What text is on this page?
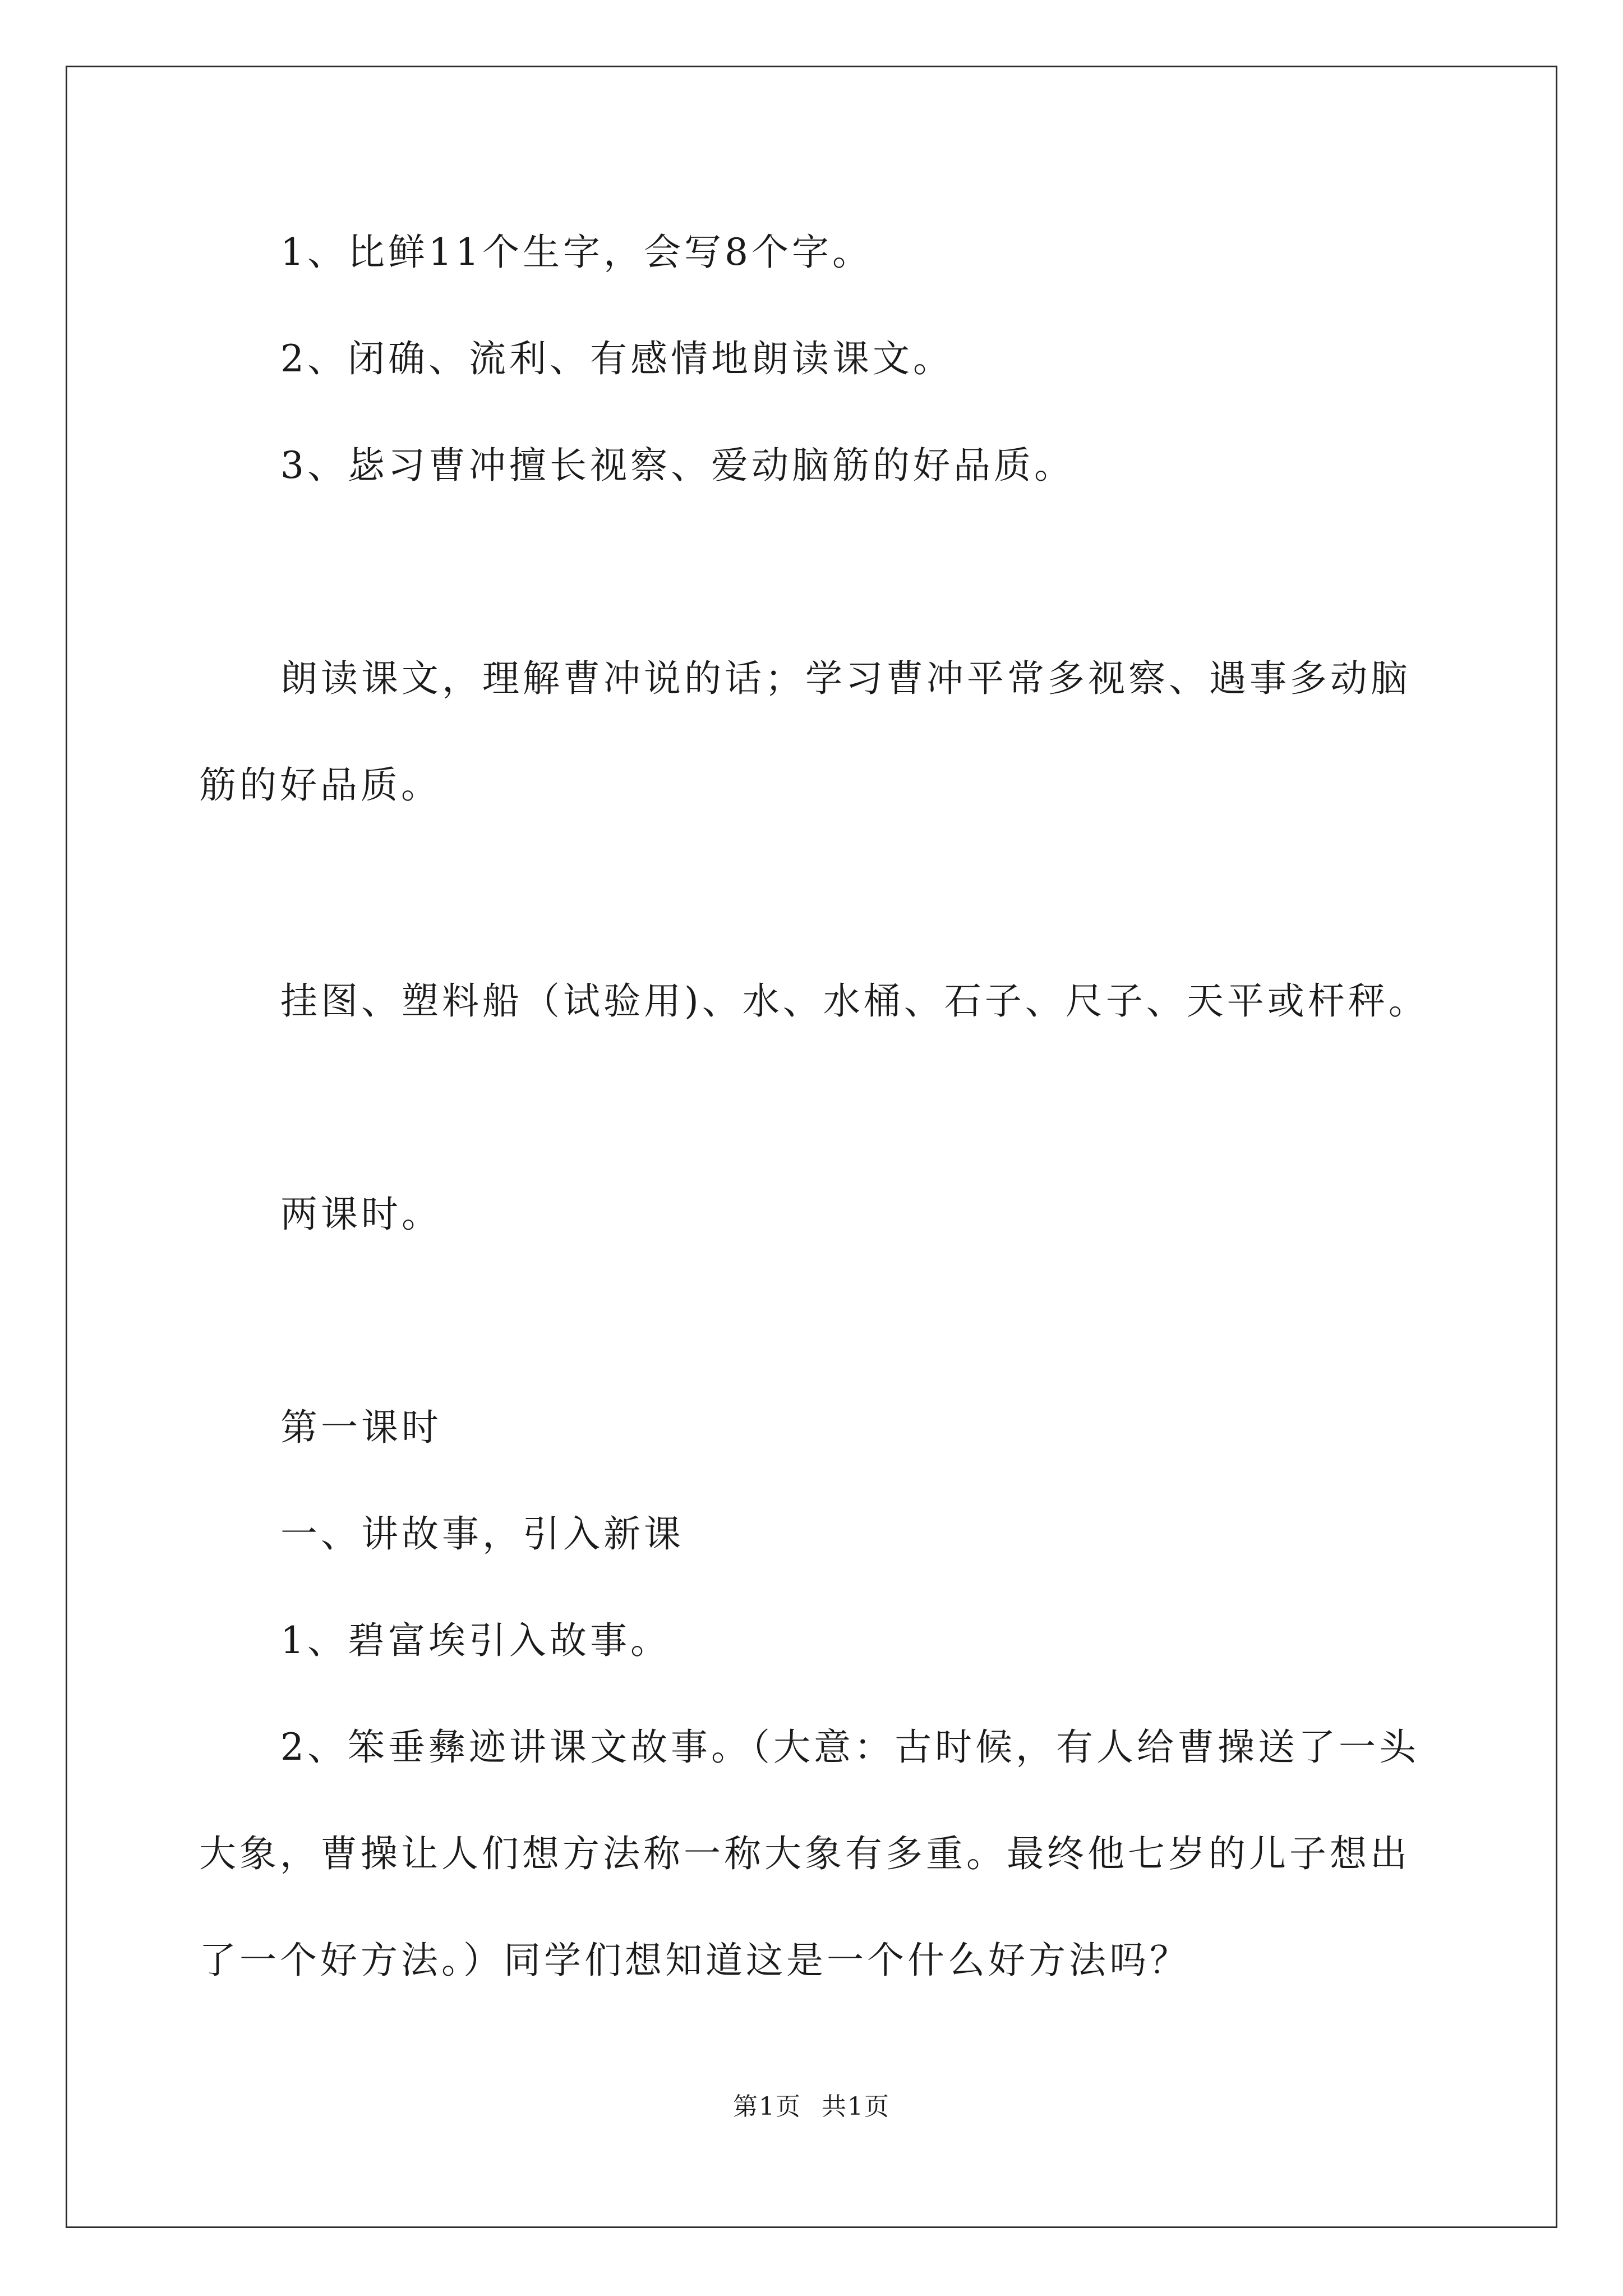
1、比鲜11个生字，会写8个字。
2、闭确、流利、有感情地朗读课文。
3、毖习曹冲擅长视察、爱动脑筋的好品质。
朗读课文，理解曹冲说的话；学习曹冲平常多视察、遇事多动脑
筋的好品质。
挂图、塑料船（试验用)、水、水桶、石子、尺子、天平或杆秤。
两课时。
第一课时
一、讲故事，引入新课
1、碧富埃引入故事。
2、笨垂彝迹讲课文故事。（大意：古时候，有人给曹操送了一头
大象，曹操让人们想方法称一称大象有多重。最终他七岁的儿子想出
了一个好方法。）同学们想知道这是一个什么好方法吗？
第1页 共1页
